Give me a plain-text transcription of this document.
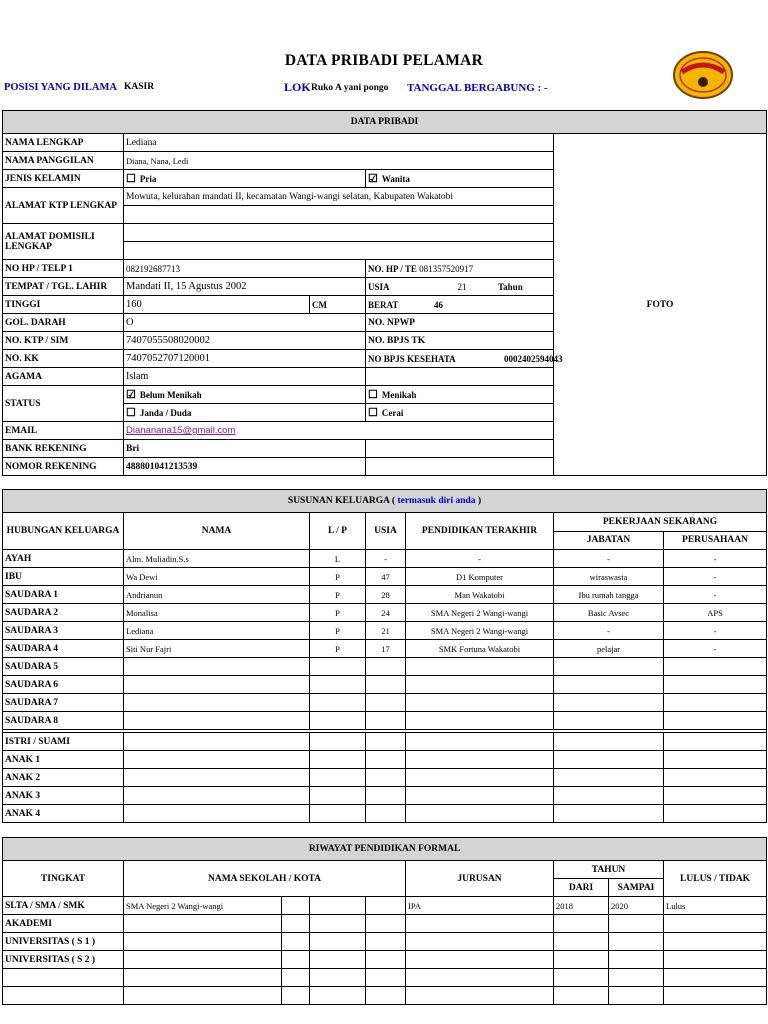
DATA PRIBADI PELAMAR
POSISI YANG DILAMA KASIR	LOK Ruko A yani pongo TANGGAL BERGABUNG : -
DATA PRIBADI				
NAMA LENGKAP	Lediana			FOTO
NAMA PANGGILAN	Diana, Nana, Ledi			
JENIS KELAMIN	☐ Pria		☑ Wanita	
ALAMAT KTP LENGKAP	Mowuta, kelurahan mandati II, kecamatan Wangi-wangi selatan, Kabupaten Wakatobi			

ALAMAT DOMISILI LENGKAP				

NO HP / TELP 1	082192687713		NO. HP / TE 081357520917	
TEMPAT / TGL. LAHIR	Mandati II, 15 Agustus 2002		USIA 21 Tahun	
TINGGI	160	CM	BERAT 46	
GOL. DARAH	O		NO. NPWP	
NO. KTP / SIM	7407055508020002		NO. BPJS TK	
NO. KK	7407052707120001		NO BPJS KESEHATA 0002402594043	
AGAMA	Islam			
STATUS	☑ Belum Menikah		☐ Menikah	
	☐ Janda / Duda		☐ Cerai	
EMAIL	Diananana15@gmail.com			
BANK REKENING	Bri			
NOMOR REKENING	488801041213539			
SUSUNAN KELUARGA ( termasuk diri anda )						
HUBUNGAN KELUARGA	NAMA	L / P	USIA	PENDIDIKAN TERAKHIR	PEKERJAAN SEKARANG	
					JABATAN	PERUSAHAAN
AYAH	Alm. Muliadin.S.s	L	-	-	-	-
IBU	Wa Dewi	P	47	D1 Komputer	wiraswasta	-
SAUDARA 1	Andrianun	P	28	Man Wakatobi	Ibu rumah tangga	-
SAUDARA 2	Monalisa	P	24	SMA Negeri 2 Wangi-wangi	Basic Avsec	APS
SAUDARA 3	Lediana	P	21	SMA Negeri 2 Wangi-wangi	-	-
SAUDARA 4	Siti Nur Fajri	P	17	SMK Fortuna Wakatobi	pelajar	-
SAUDARA 5						
SAUDARA 6						
SAUDARA 7						
SAUDARA 8						

ISTRI / SUAMI						
ANAK 1						
ANAK 2						
ANAK 3						
ANAK 4						
RIWAYAT PENDIDIKAN FORMAL								
TINGKAT	NAMA SEKOLAH / KOTA				JURUSAN	TAHUN		LULUS / TIDAK
						DARI	SAMPAI	
SLTA / SMA / SMK	SMA Negeri 2 Wangi-wangi				IPA	2018	2020	Lulus
AKADEMI								
UNIVERSITAS ( S 1 )								
UNIVERSITAS ( S 2 )								
